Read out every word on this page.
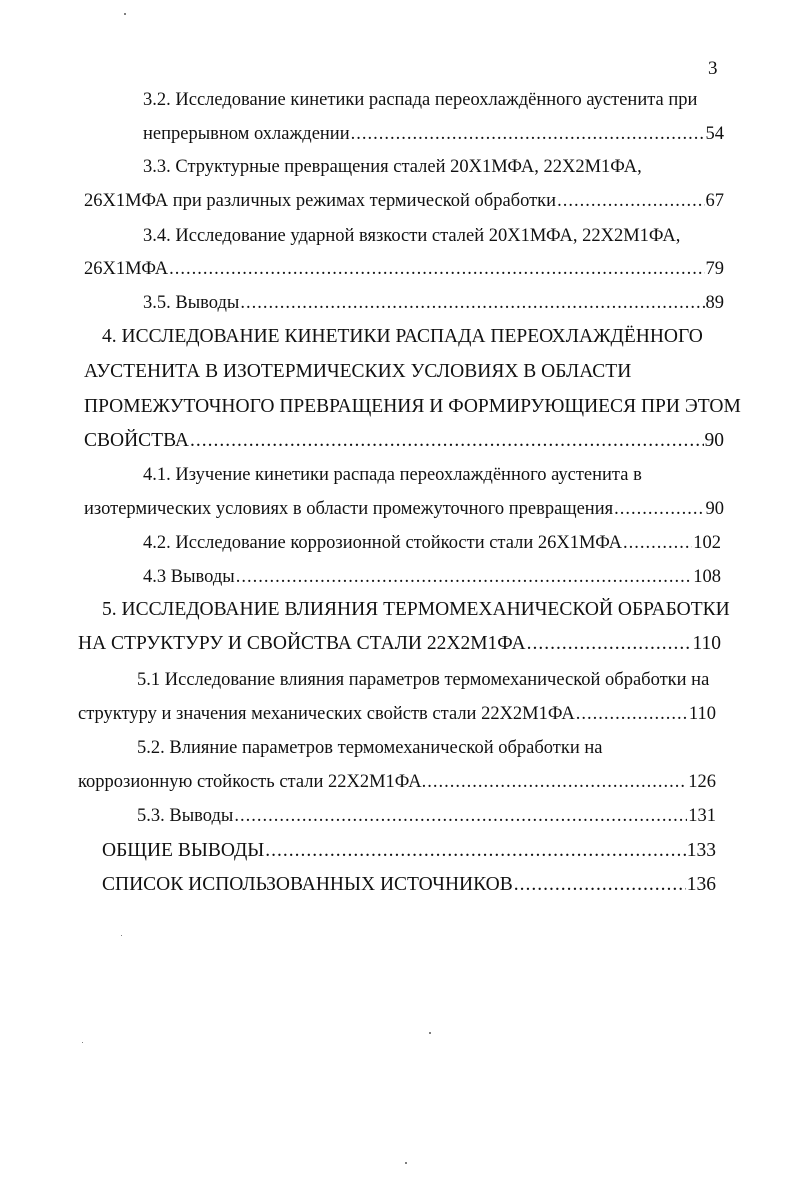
3
3.2. Исследование кинетики распада переохлаждённого аустенита при
непрерывном охлаждении .....	54
3.3. Структурные превращения сталей 20Х1МФА, 22Х2М1ФА,
26Х1МФА при различных режимах термической обработки .....	67
3.4. Исследование ударной вязкости сталей 20Х1МФА, 22Х2М1ФА,
26Х1МФА .....	79
3.5. Выводы .....	89
4. ИССЛЕДОВАНИЕ КИНЕТИКИ РАСПАДА ПЕРЕОХЛАЖДЁННОГО
АУСТЕНИТА В ИЗОТЕРМИЧЕСКИХ УСЛОВИЯХ В ОБЛАСТИ
ПРОМЕЖУТОЧНОГО ПРЕВРАЩЕНИЯ И ФОРМИРУЮЩИЕСЯ ПРИ ЭТОМ
СВОЙСТВА .....	90
4.1. Изучение кинетики распада переохлаждённого аустенита в
изотермических условиях в области промежуточного превращения .....	90
4.2. Исследование коррозионной стойкости стали 26Х1МФА .....	102
4.3 Выводы .....	108
5. ИССЛЕДОВАНИЕ ВЛИЯНИЯ ТЕРМОМЕХАНИЧЕСКОЙ ОБРАБОТКИ
НА СТРУКТУРУ И СВОЙСТВА СТАЛИ 22Х2М1ФА .....	110
5.1 Исследование влияния параметров термомеханической обработки на
структуру и значения механических свойств стали 22Х2М1ФА .....	110
5.2. Влияние параметров термомеханической обработки на
коррозионную стойкость стали 22Х2М1ФА. .....	126
5.3. Выводы .....	131
ОБЩИЕ ВЫВОДЫ .....	133
СПИСОК ИСПОЛЬЗОВАННЫХ ИСТОЧНИКОВ .....	136
